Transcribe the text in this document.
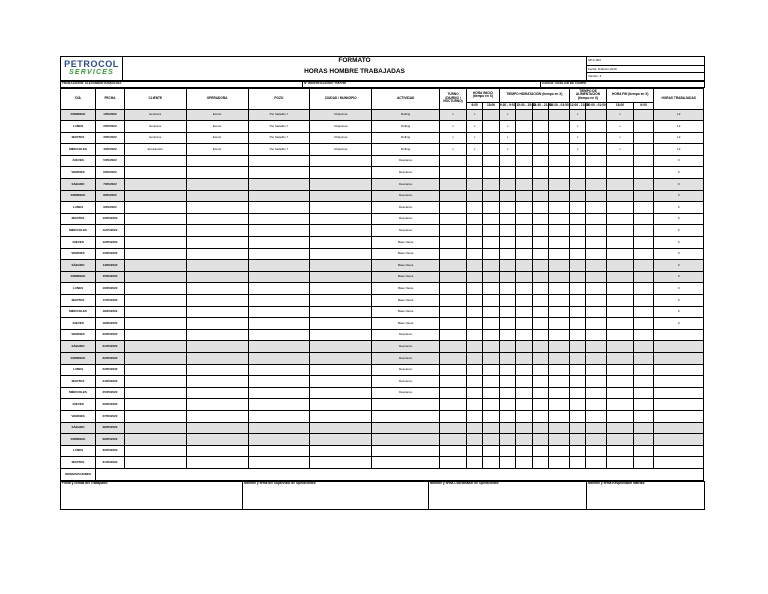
PETROCOL
SERVICES	FORMATO	SP-F-003
	HORAS HOMBRE TRABAJADAS	Fecha: 8-Marzo-2019
Versión: 4
TRABAJADOR: ALEXANDER DAMAN RIA	N° IDENTIFICACION: 7567766	CARGO: AUXILIAR DE CAMPO
DÍA	FECHA	CLIENTE	OPERADORA	POZO	CIUDAD / MUNICIPIO	ACTIVIDAD	TURNO (DIURNO / NOCTURNO)	HORA INICIO (tiempo en X)		TIEMPO HIDRATACIÓN (tiempo en X)				TIEMPO DE ALIMENTACIÓN (tiempo en X)		HORA FIN (tiempo en X)		HORAS TRABAJADAS
								6:00	18:00	9:30 - 9:50	15:30 - 15:50	21:30 - 21:50	03:30 - 03:50	12:00 - 13:00	00:00 - 01:00	18:00	6:00	
DOMINGO	1/05/2022	Ecotrans	Ecoris	Pto Saladito 7	Chiquinué	Rolling	x	x		x				x		x		12
LUNES	2/05/2022	Ecotrans	Ecoris	Pto Saladito 7	Chiquinué	Rolling	x	x		x				x		x		12
MARTES	3/05/2022	Ecotrans	Ecoris	Pto Saladito 7	Chiquinué	Rolling	x	x		x				x		x		12
MIÉRCOLES	4/05/2022	Ecotransfer	Ecoris	Pto Saladito 7	Chiquinué	Rolling	x	x		x				x		x		12
JUEVES	5/05/2022					Descanso												0
VIERNES	6/05/2022					Descanso												0
SÁBADO	7/05/2022					Descanso												0
DOMINGO	8/05/2022					Descanso												0
LUNES	9/05/2022					Descanso												0
MARTES	10/05/2022					Descanso												0
MIÉRCOLES	11/05/2022					Descanso												0
JUEVES	12/05/2022					Base Neiva												0
VIERNES	13/05/2022					Base Neiva												0
SÁBADO	14/05/2022					Base Neiva												0
DOMINGO	15/05/2022					Base Neiva												0
LUNES	16/05/2022					Base Neiva												0
MARTES	17/05/2022					Base Neiva												0
MIÉRCOLES	18/05/2022					Base Neiva												0
JUEVES	19/05/2022					Base Neiva												0
VIERNES	20/05/2022					Descanso												
SÁBADO	21/05/2022					Descanso												
DOMINGO	22/05/2022					Descanso												
LUNES	23/05/2022					Descanso												
MARTES	24/05/2022					Descanso												
MIÉRCOLES	25/05/2022					Descanso												
JUEVES	26/05/2022																	
VIERNES	27/05/2022																	
SÁBADO	28/05/2022																	
DOMINGO	29/05/2022																	
LUNES	30/05/2022																	
MARTES	31/05/2022																	
OBSERVACIONES																		
Firma y cedula del Trabajador:	Nombre y firma del Supervisor de Operaciones:	Nombre y firma Coordinador de Operaciones:	Nombre y firma Responsable Matriss:
